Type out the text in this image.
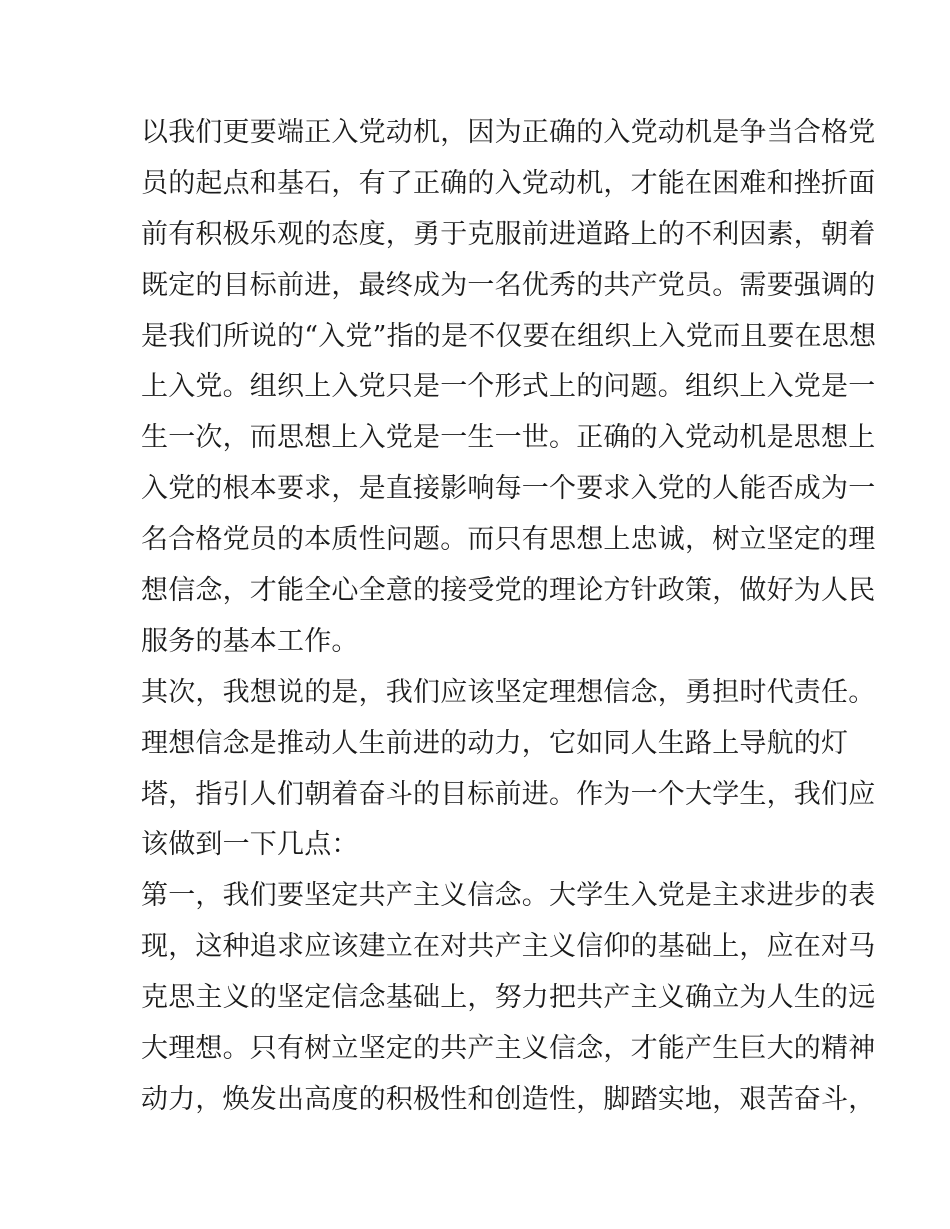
以我们更要端正入党动机，因为正确的入党动机是争当合格党
员的起点和基石，有了正确的入党动机，才能在困难和挫折面
前有积极乐观的态度，勇于克服前进道路上的不利因素，朝着
既定的目标前进，最终成为一名优秀的共产党员。需要强调的
是我们所说的“入党”指的是不仅要在组织上入党而且要在思想
上入党。组织上入党只是一个形式上的问题。组织上入党是一
生一次，而思想上入党是一生一世。正确的入党动机是思想上
入党的根本要求，是直接影响每一个要求入党的人能否成为一
名合格党员的本质性问题。而只有思想上忠诚，树立坚定的理
想信念，才能全心全意的接受党的理论方针政策，做好为人民
服务的基本工作。
其次，我想说的是，我们应该坚定理想信念，勇担时代责任。
理想信念是推动人生前进的动力，它如同人生路上导航的灯
塔，指引人们朝着奋斗的目标前进。作为一个大学生，我们应
该做到一下几点：
第一，我们要坚定共产主义信念。大学生入党是主求进步的表
现，这种追求应该建立在对共产主义信仰的基础上，应在对马
克思主义的坚定信念基础上，努力把共产主义确立为人生的远
大理想。只有树立坚定的共产主义信念，才能产生巨大的精神
动力，焕发出高度的积极性和创造性，脚踏实地，艰苦奋斗，
